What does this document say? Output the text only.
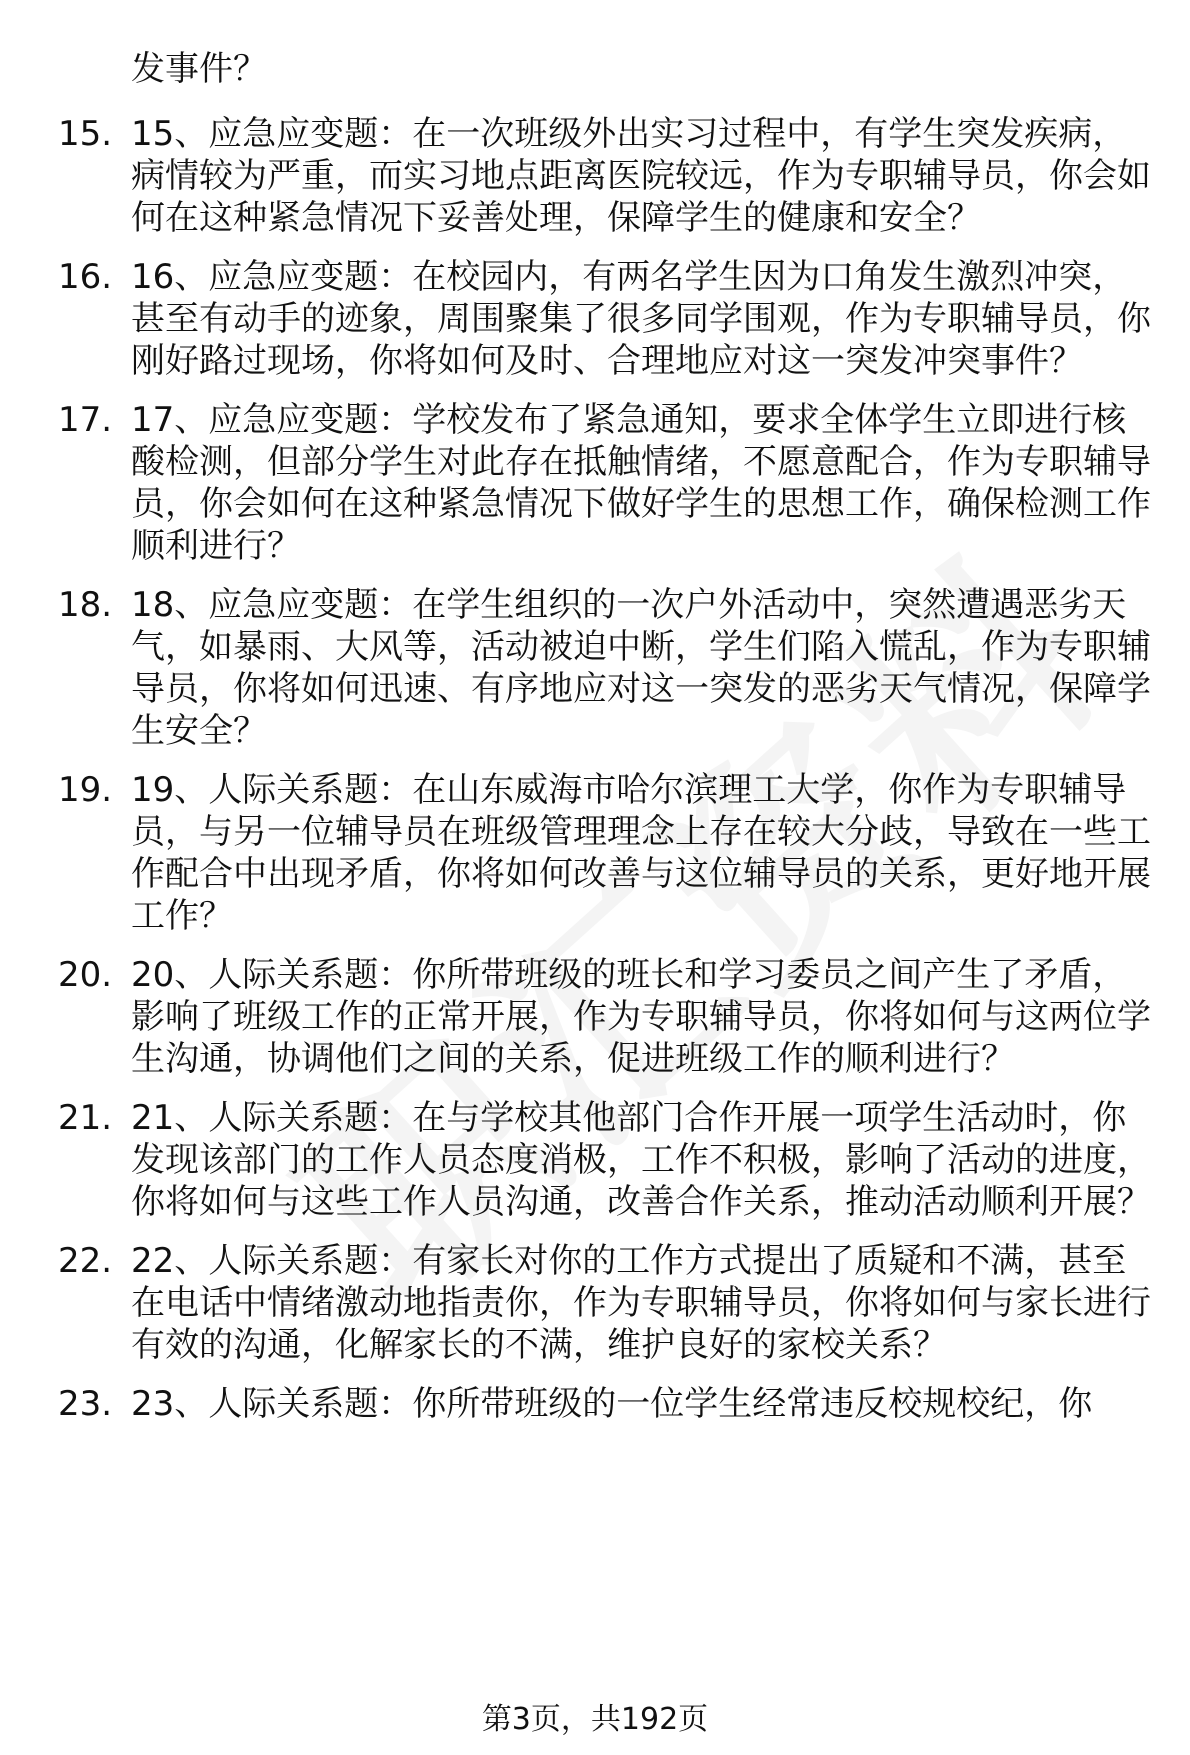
发事件？
15. 15、应急应变题：在一次班级外出实习过程中，有学生突发疾病，病情较为严重，而实习地点距离医院较远，作为专职辅导员，你会如何在这种紧急情况下妥善处理，保障学生的健康和安全？
16. 16、应急应变题：在校园内，有两名学生因为口角发生激烈冲突，甚至有动手的迹象，周围聚集了很多同学围观，作为专职辅导员，你刚好路过现场，你将如何及时、合理地应对这一突发冲突事件？
17. 17、应急应变题：学校发布了紧急通知，要求全体学生立即进行核酸检测，但部分学生对此存在抵触情绪，不愿意配合，作为专职辅导员，你会如何在这种紧急情况下做好学生的思想工作，确保检测工作顺利进行？
18. 18、应急应变题：在学生组织的一次户外活动中，突然遭遇恶劣天气，如暴雨、大风等，活动被迫中断，学生们陷入慌乱，作为专职辅导员，你将如何迅速、有序地应对这一突发的恶劣天气情况，保障学生安全？
19. 19、人际关系题：在山东威海市哈尔滨理工大学，你作为专职辅导员，与另一位辅导员在班级管理理念上存在较大分歧，导致在一些工作配合中出现矛盾，你将如何改善与这位辅导员的关系，更好地开展工作？
20. 20、人际关系题：你所带班级的班长和学习委员之间产生了矛盾，影响了班级工作的正常开展，作为专职辅导员，你将如何与这两位学生沟通，协调他们之间的关系，促进班级工作的顺利进行？
21. 21、人际关系题：在与学校其他部门合作开展一项学生活动时，你发现该部门的工作人员态度消极，工作不积极，影响了活动的进度，你将如何与这些工作人员沟通，改善合作关系，推动活动顺利开展？
22. 22、人际关系题：有家长对你的工作方式提出了质疑和不满，甚至在电话中情绪激动地指责你，作为专职辅导员，你将如何与家长进行有效的沟通，化解家长的不满，维护良好的家校关系？
23. 23、人际关系题：你所带班级的一位学生经常违反校规校纪，你
第3页，共192页
